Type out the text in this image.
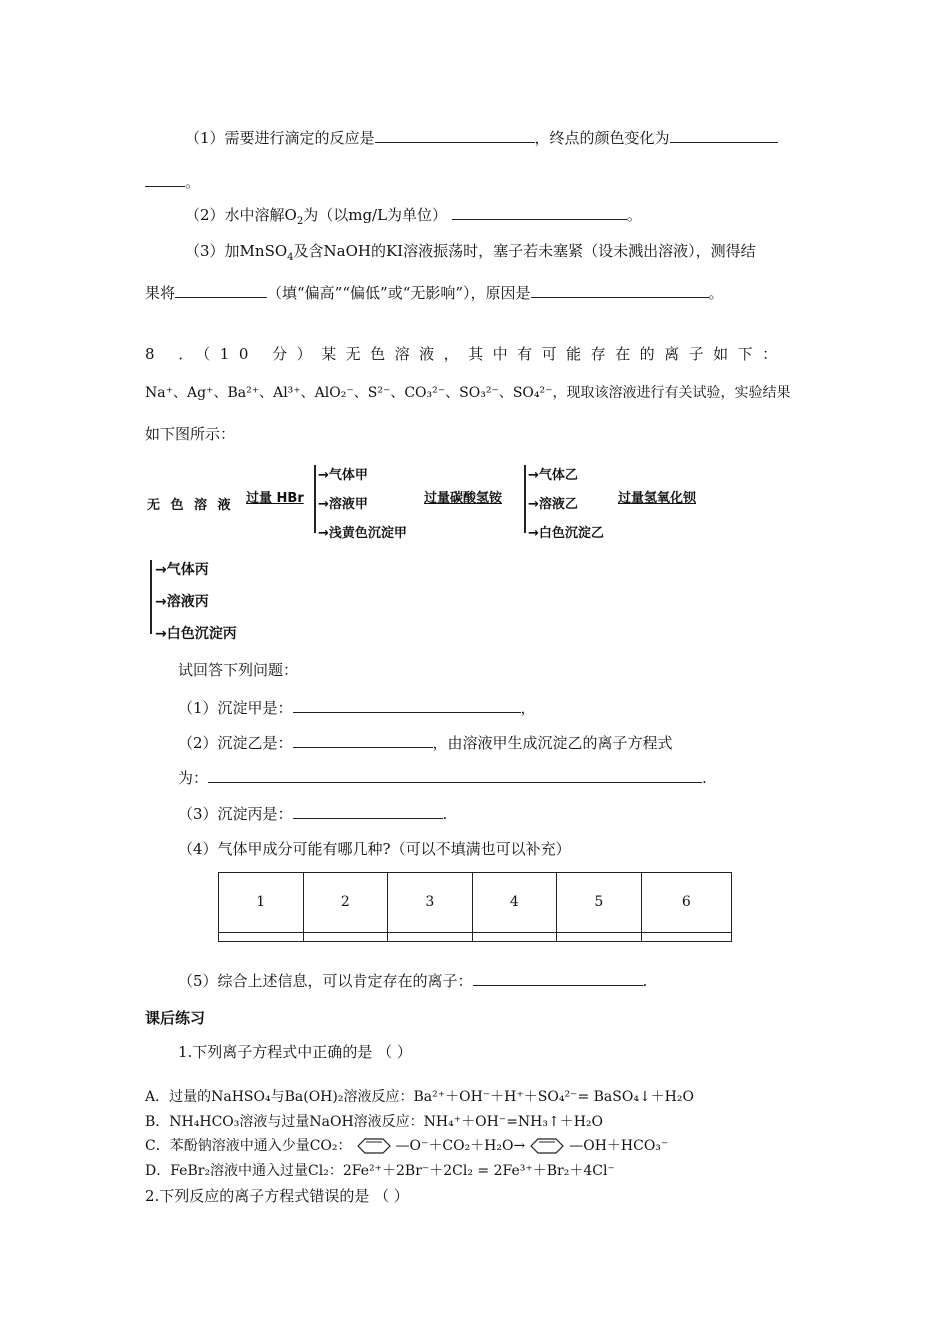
（1）需要进行滴定的反应是	，终点的颜色变化为
。
（2）水中溶解$O_2$为（以mg/L为单位）	。
（3）加MnSO$_4$及含NaOH的KI溶液振荡时，塞子若未塞紧（设未溅出溶液），测得结
果将	（填“偏高”“偏低”或“无影响”），原因是	。
8 ．（10 分）某无色溶液，其中有可能存在的离子如下：
Na⁺、Ag⁺、Ba²⁺、Al³⁺、AlO₂⁻、S²⁻、CO₃²⁻、SO₃²⁻、SO₄²⁻，现取该溶液进行有关试验，实验结果
如下图所示：
无 色 溶 液 过量 HBr
→气体甲
→溶液甲
→浅黄色沉淀甲
过量碳酸氢铵
→气体乙
→溶液乙
→白色沉淀乙
过量氢氧化钡
→气体丙
→溶液丙
→白色沉淀丙
试回答下列问题：
（1）沉淀甲是：	，
（2）沉淀乙是：	，由溶液甲生成沉淀乙的离子方程式
为：	.
（3）沉淀丙是：	.
（4）气体甲成分可能有哪几种?（可以不填满也可以补充）
1	2	3	4	5	6

（5）综合上述信息，可以肯定存在的离子：	.
课后练习
1.下列离子方程式中正确的是 （ ）
A．过量的NaHSO₄与Ba(OH)₂溶液反应：Ba²⁺＋OH⁻＋H⁺＋SO₄²⁻= BaSO₄↓＋H₂O
B．NH₄HCO₃溶液与过量NaOH溶液反应：NH₄⁺＋OH⁻=NH₃↑＋H₂O
C．苯酚钠溶液中通入少量CO₂：	—O⁻＋CO₂＋H₂O→	—OH＋HCO₃⁻
D．FeBr₂溶液中通入过量Cl₂：2Fe²⁺＋2Br⁻＋2Cl₂ = 2Fe³⁺＋Br₂＋4Cl⁻
2.下列反应的离子方程式错误的是 （ ）
